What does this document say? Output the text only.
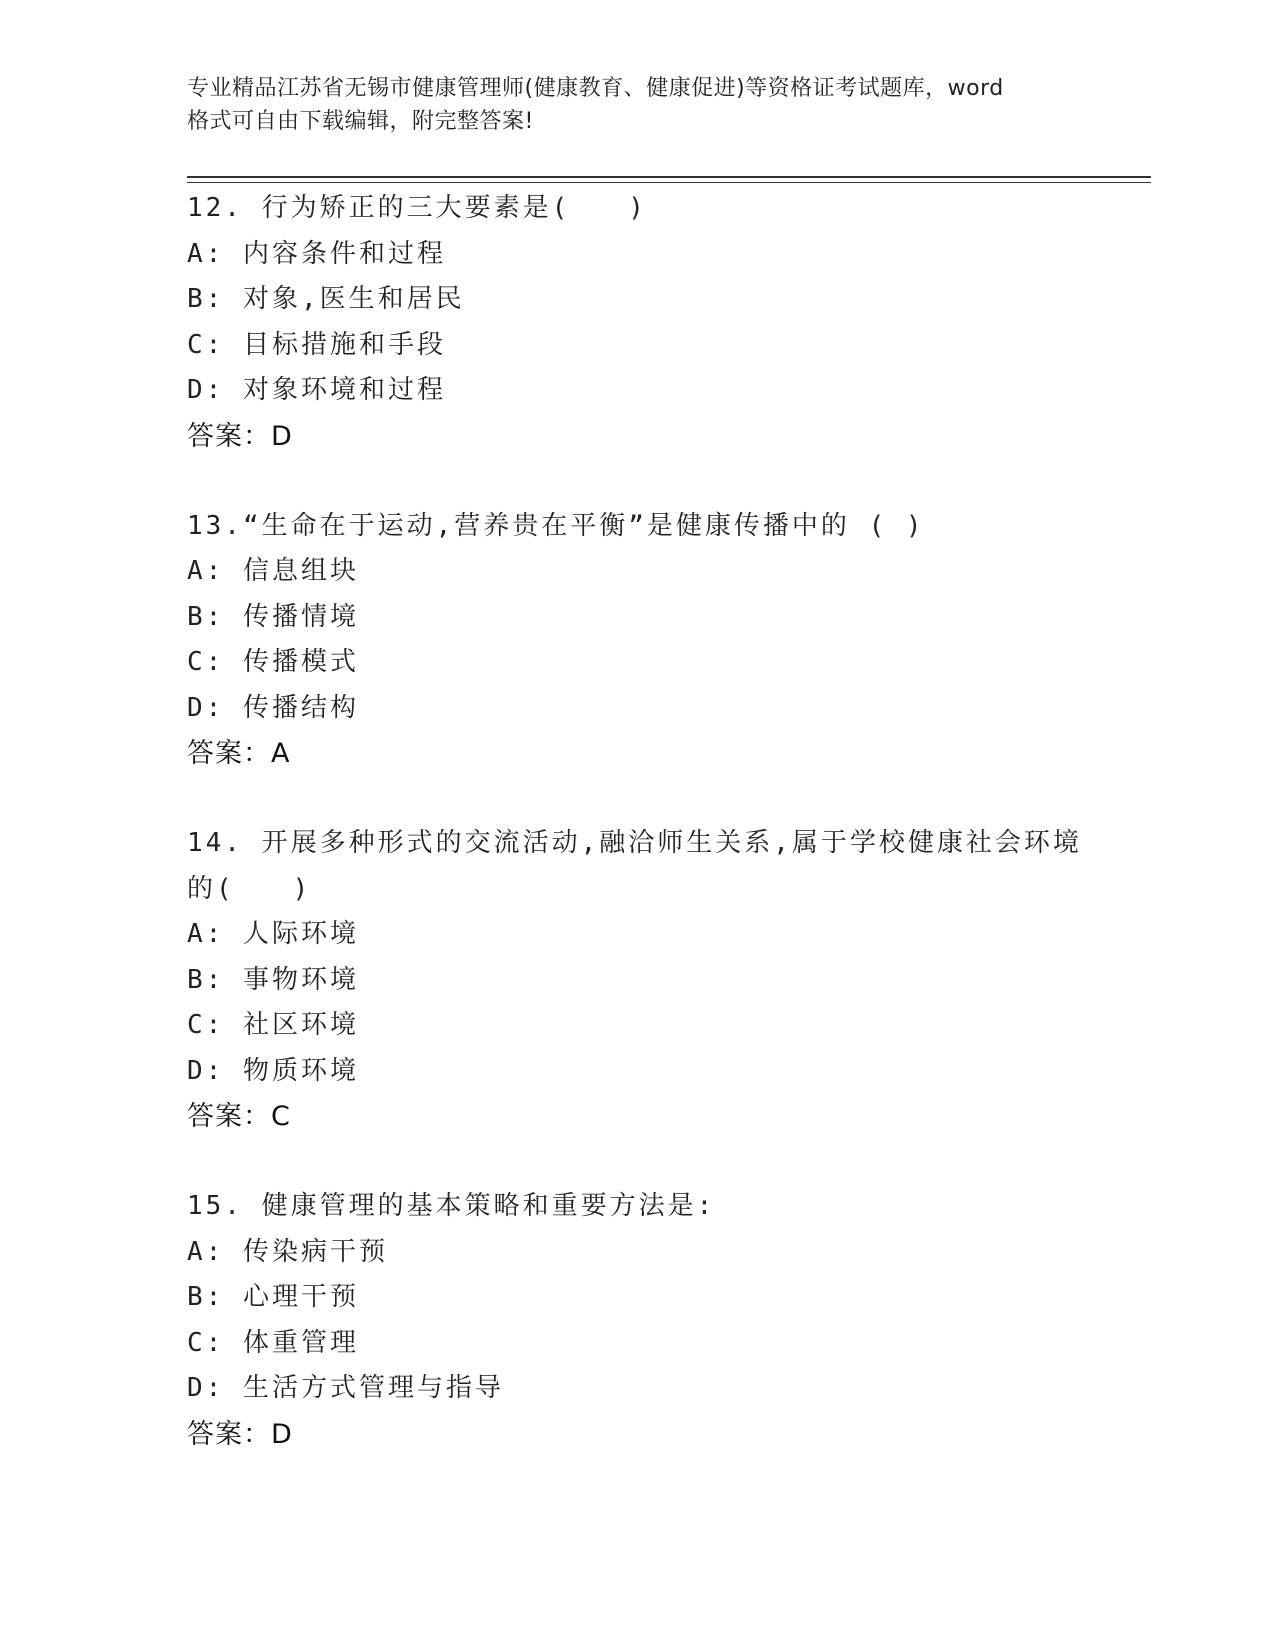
专业精品江苏省无锡市健康管理师(健康教育、健康促进)等资格证考试题库，word
格式可自由下载编辑，附完整答案!
12. 行为矫正的三大要素是(　　)
A: 内容条件和过程
B: 对象,医生和居民
C: 目标措施和手段
D: 对象环境和过程
答案：D
13.“生命在于运动,营养贵在平衡”是健康传播中的 ( )
A: 信息组块
B: 传播情境
C: 传播模式
D: 传播结构
答案：A
14. 开展多种形式的交流活动,融洽师生关系,属于学校健康社会环境
的(　　)
A: 人际环境
B: 事物环境
C: 社区环境
D: 物质环境
答案：C
15. 健康管理的基本策略和重要方法是:
A: 传染病干预
B: 心理干预
C: 体重管理
D: 生活方式管理与指导
答案：D
